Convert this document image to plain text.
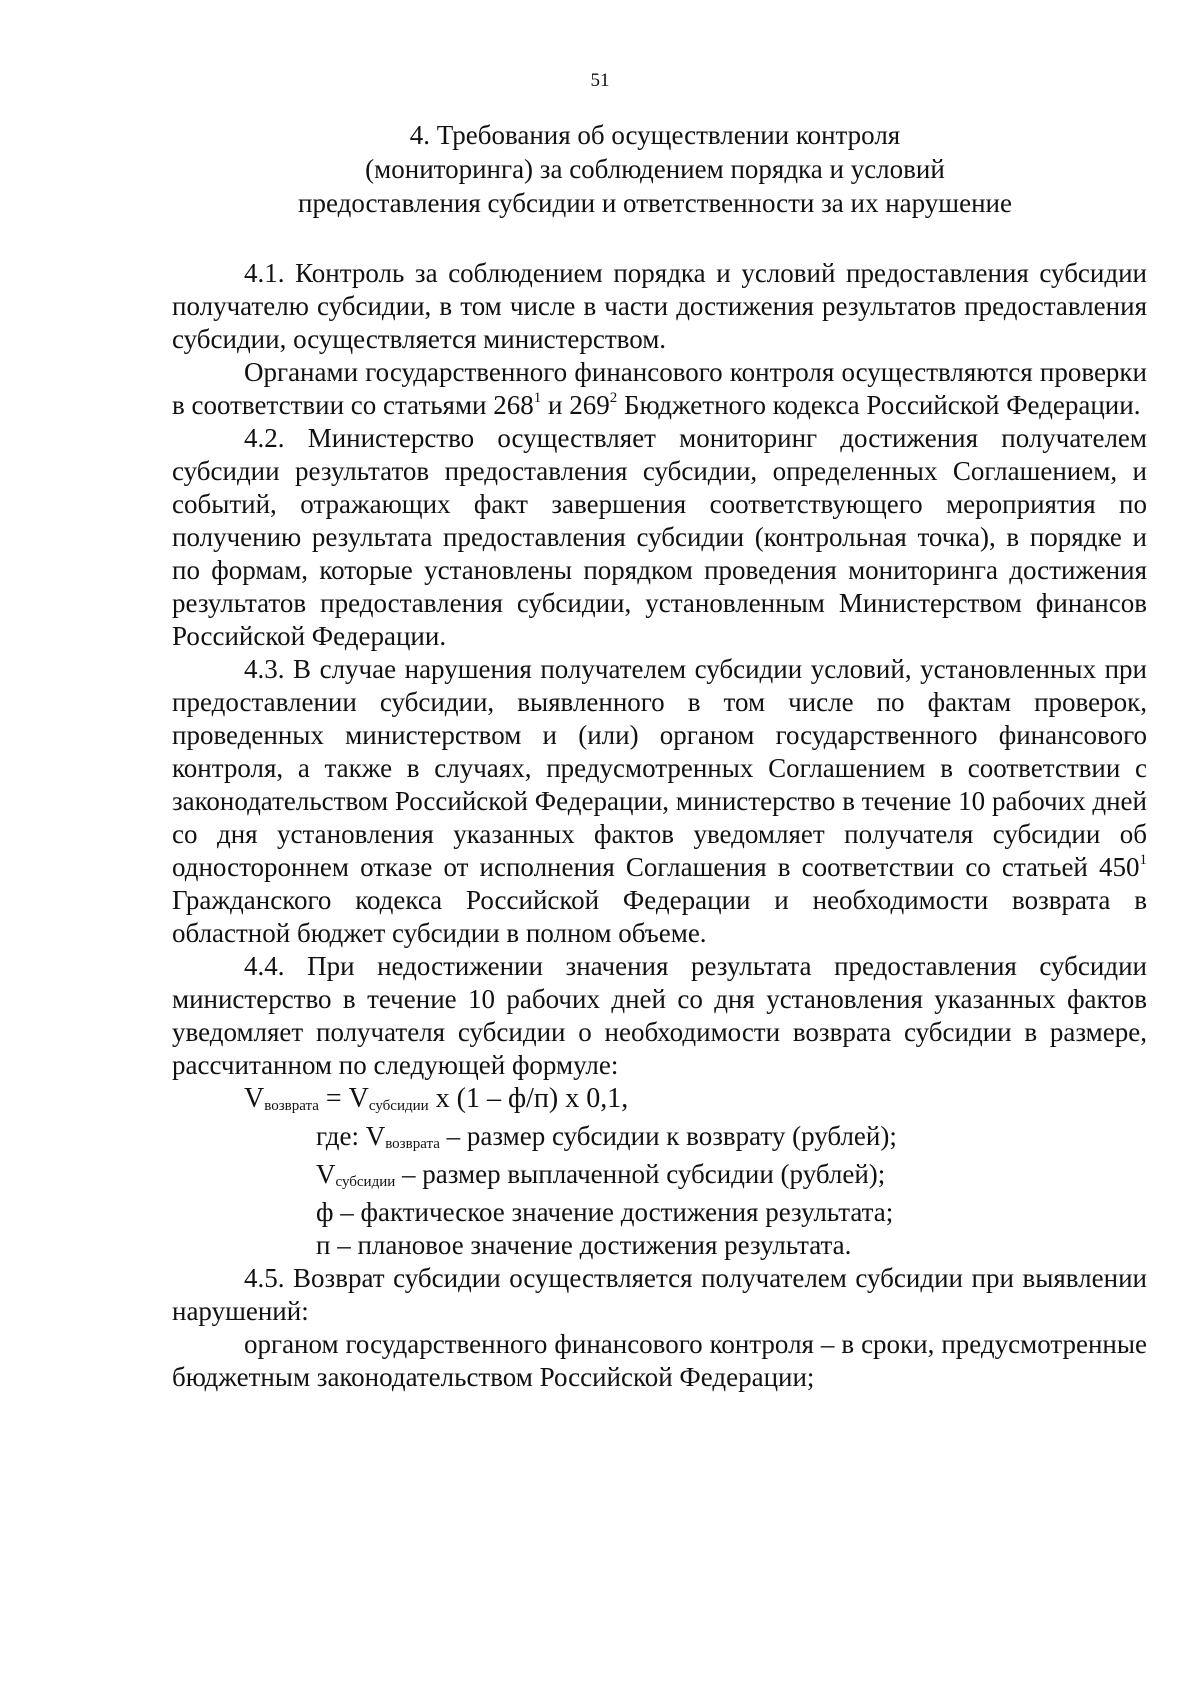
51
4. Требования об осуществлении контроля
(мониторинга) за соблюдением порядка и условий
предоставления субсидии и ответственности за их нарушение

4.1. Контроль за соблюдением порядка и условий предоставления субсидии получателю субсидии, в том числе в части достижения результатов предоставления субсидии, осуществляется министерством.

Органами государственного финансового контроля осуществляются проверки в соответствии со статьями $268^1$ и $269^2$ Бюджетного кодекса Российской Федерации.

4.2. Министерство осуществляет мониторинг достижения получателем субсидии результатов предоставления субсидии, определенных Соглашением, и событий, отражающих факт завершения соответствующего мероприятия по получению результата предоставления субсидии (контрольная точка), в порядке и по формам, которые установлены порядком проведения мониторинга достижения результатов предоставления субсидии, установленным Министерством финансов Российской Федерации.

4.3. В случае нарушения получателем субсидии условий, установленных при предоставлении субсидии, выявленного в том числе по фактам проверок, проведенных министерством и (или) органом государственного финансового контроля, а также в случаях, предусмотренных Соглашением в соответствии с законодательством Российской Федерации, министерство в течение 10 рабочих дней со дня установления указанных фактов уведомляет получателя субсидии об одностороннем отказе от исполнения Соглашения в соответствии со статьей $450^1$ Гражданского кодекса Российской Федерации и необходимости возврата в областной бюджет субсидии в полном объеме.

4.4. При недостижении значения результата предоставления субсидии министерство в течение 10 рабочих дней со дня установления указанных фактов уведомляет получателя субсидии о необходимости возврата субсидии в размере, рассчитанном по следующей формуле:

$V_{возврата} = V_{субсидии}$ x (1 – ф/п) x 0,1,

где: $V_{возврата}$ – размер субсидии к возврату (рублей);

$V_{субсидии}$ – размер выплаченной субсидии (рублей);

ф – фактическое значение достижения результата;

п – плановое значение достижения результата.

4.5. Возврат субсидии осуществляется получателем субсидии при выявлении нарушений:

органом государственного финансового контроля – в сроки, предусмотренные бюджетным законодательством Российской Федерации;
